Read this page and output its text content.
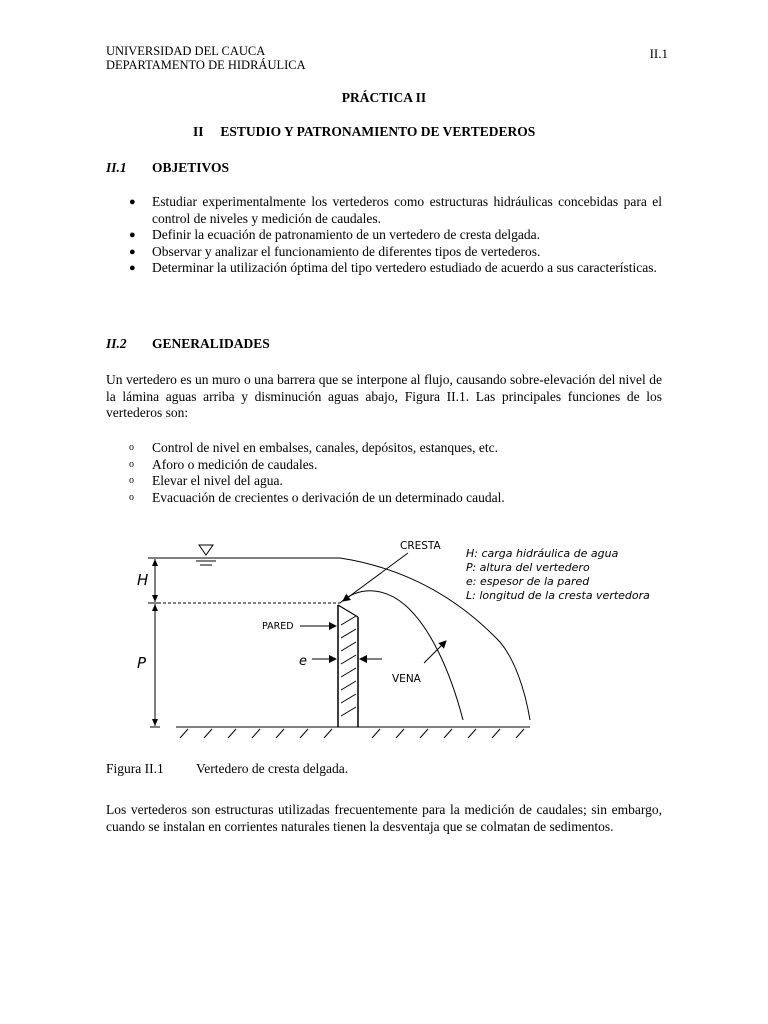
UNIVERSIDAD DEL CAUCA
DEPARTAMENTO DE HIDRÁULICA
II.1
PRÁCTICA II
II     ESTUDIO Y PATRONAMIENTO DE VERTEDEROS
II.1 OBJETIVOS
● Estudiar experimentalmente los vertederos como estructuras hidráulicas concebidas para el control de niveles y medición de caudales.
● Definir la ecuación de patronamiento de un vertedero de cresta delgada.
● Observar y analizar el funcionamiento de diferentes tipos de vertederos.
● Determinar la utilización óptima del tipo vertedero estudiado de acuerdo a sus características.
II.2 GENERALIDADES
Un vertedero es un muro o una barrera que se interpone al flujo, causando sobre-elevación del nivel de la lámina aguas arriba y disminución aguas abajo, Figura II.1. Las principales funciones de los vertederos son:
o Control de nivel en embalses, canales, depósitos, estanques, etc.
o Aforo o medición de caudales.
o Elevar el nivel del agua.
o Evacuación de crecientes o derivación de un determinado caudal.
H
P
CRESTA
PARED
e
VENA
H: carga hidráulica de agua
P: altura del vertedero
e: espesor de la pared
L: longitud de la cresta vertedora
Figura II.1 Vertedero de cresta delgada.
Los vertederos son estructuras utilizadas frecuentemente para la medición de caudales; sin embargo, cuando se instalan en corrientes naturales tienen la desventaja que se colmatan de sedimentos.
